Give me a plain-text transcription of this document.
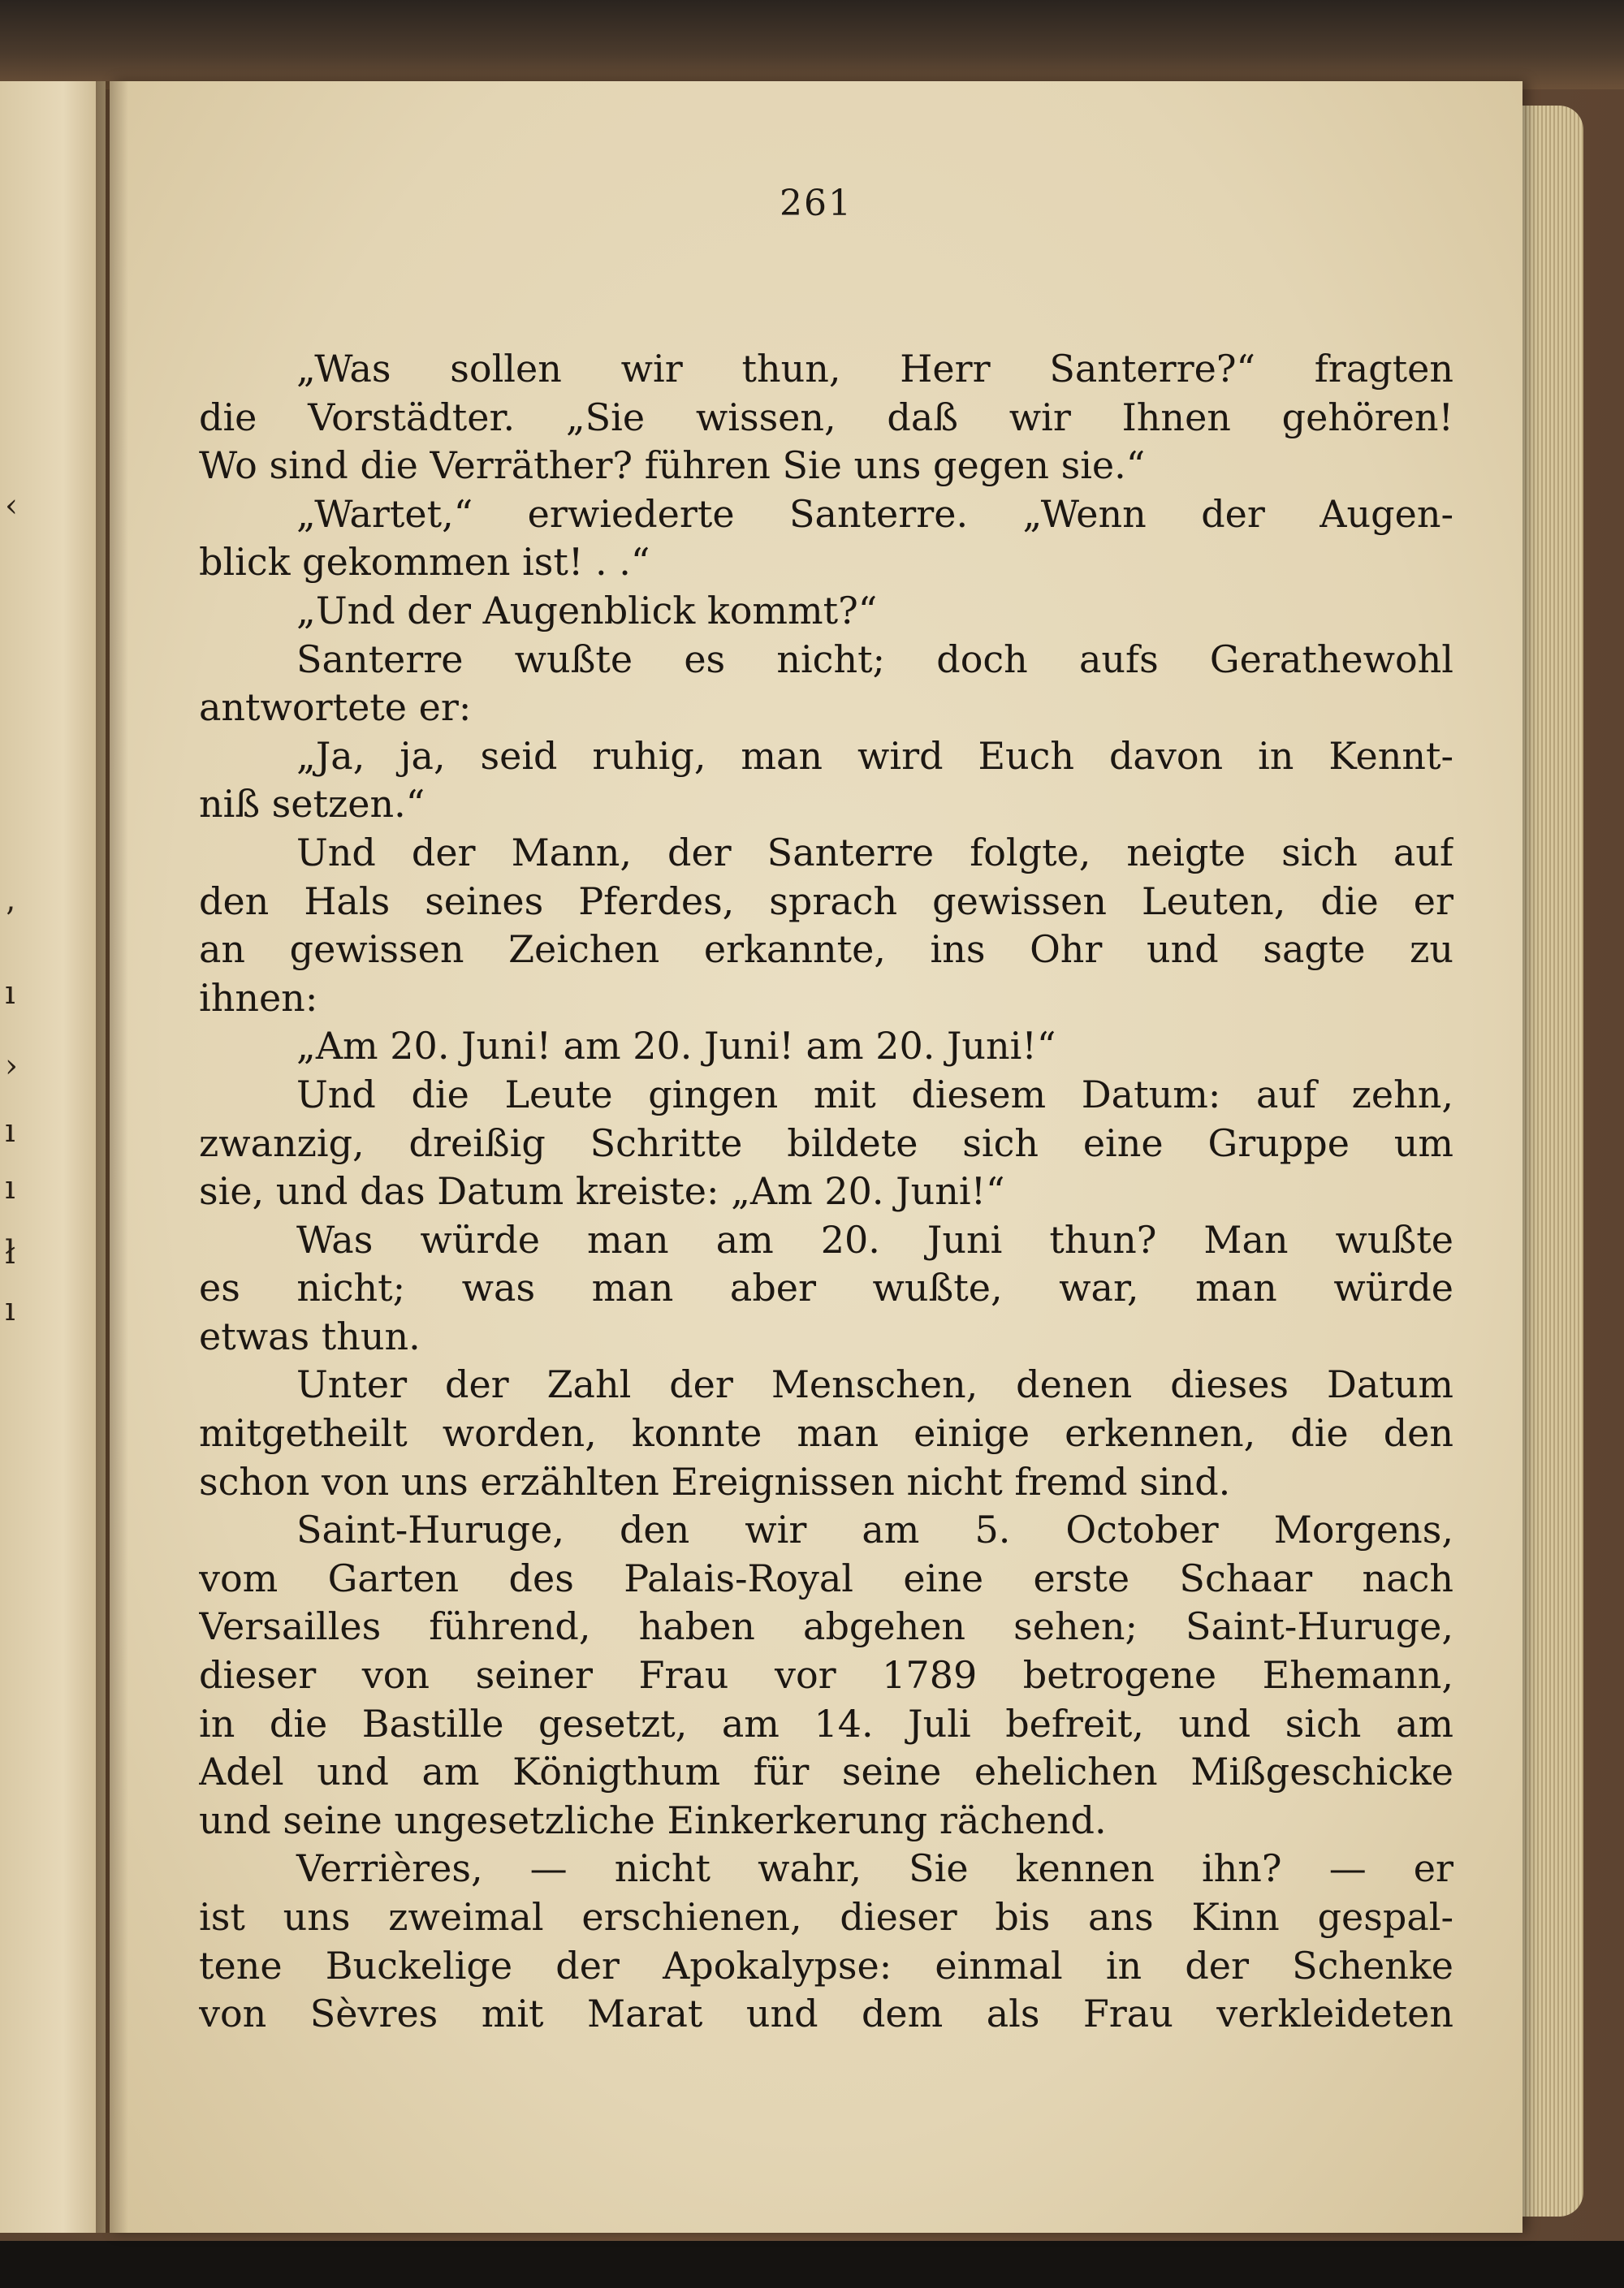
261
„Was sollen wir thun, Herr Santerre?“ fragten
die Vorstädter. „Sie wissen, daß wir Ihnen gehören!
Wo sind die Verräther? führen Sie uns gegen sie.“
„Wartet,“ erwiederte Santerre. „Wenn der Augen-
blick gekommen ist! . .“
„Und der Augenblick kommt?“
Santerre wußte es nicht; doch aufs Gerathewohl
antwortete er:
„Ja, ja, seid ruhig, man wird Euch davon in Kennt-
niß setzen.“
Und der Mann, der Santerre folgte, neigte sich auf
den Hals seines Pferdes, sprach gewissen Leuten, die er
an gewissen Zeichen erkannte, ins Ohr und sagte zu
ihnen:
„Am 20. Juni! am 20. Juni! am 20. Juni!“
Und die Leute gingen mit diesem Datum: auf zehn,
zwanzig, dreißig Schritte bildete sich eine Gruppe um
sie, und das Datum kreiste: „Am 20. Juni!“
Was würde man am 20. Juni thun? Man wußte
es nicht; was man aber wußte, war, man würde
etwas thun.
Unter der Zahl der Menschen, denen dieses Datum
mitgetheilt worden, konnte man einige erkennen, die den
schon von uns erzählten Ereignissen nicht fremd sind.
Saint-Huruge, den wir am 5. October Morgens,
vom Garten des Palais-Royal eine erste Schaar nach
Versailles führend, haben abgehen sehen; Saint-Huruge,
dieser von seiner Frau vor 1789 betrogene Ehemann,
in die Bastille gesetzt, am 14. Juli befreit, und sich am
Adel und am Königthum für seine ehelichen Mißgeschicke
und seine ungesetzliche Einkerkerung rächend.
Verrières, — nicht wahr, Sie kennen ihn? — er
ist uns zweimal erschienen, dieser bis ans Kinn gespal-
tene Buckelige der Apokalypse: einmal in der Schenke
von Sèvres mit Marat und dem als Frau verkleideten
‹
’
ı
›
ı
ı
ł
ı
